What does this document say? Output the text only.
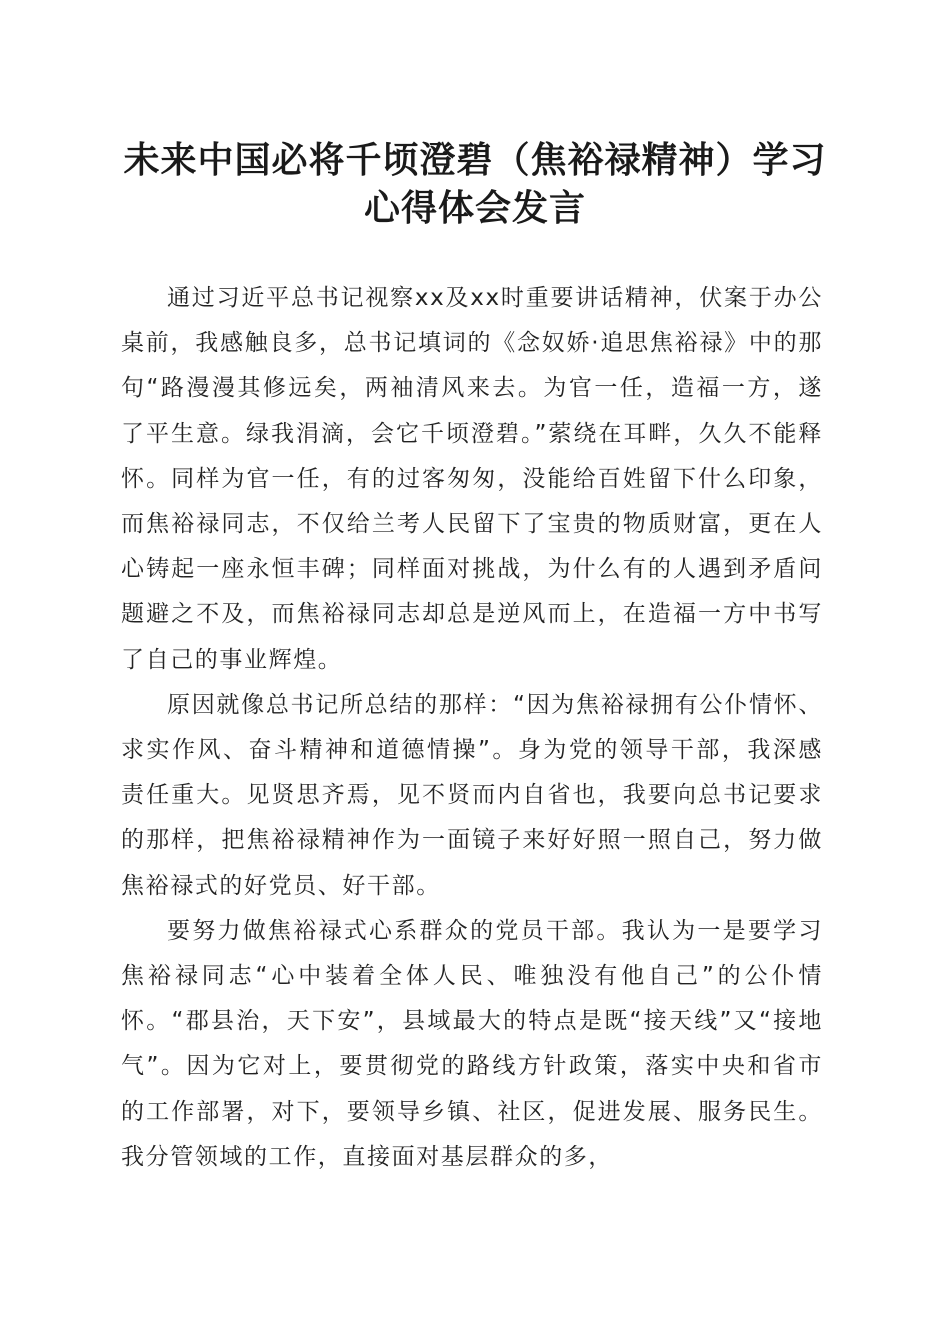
未来中国必将千顷澄碧（焦裕禄精神）学习心得体会发言

通过习近平总书记视察xx及xx时重要讲话精神，伏案于办公桌前，我感触良多，总书记填词的《念奴娇·追思焦裕禄》中的那句“路漫漫其修远矣，两袖清风来去。为官一任，造福一方，遂了平生意。绿我涓滴，会它千顷澄碧。”萦绕在耳畔，久久不能释怀。同样为官一任，有的过客匆匆，没能给百姓留下什么印象，而焦裕禄同志，不仅给兰考人民留下了宝贵的物质财富，更在人心铸起一座永恒丰碑；同样面对挑战，为什么有的人遇到矛盾问题避之不及，而焦裕禄同志却总是逆风而上，在造福一方中书写了自己的事业辉煌。

原因就像总书记所总结的那样：“因为焦裕禄拥有公仆情怀、求实作风、奋斗精神和道德情操”。身为党的领导干部，我深感责任重大。见贤思齐焉，见不贤而内自省也，我要向总书记要求的那样，把焦裕禄精神作为一面镜子来好好照一照自己，努力做焦裕禄式的好党员、好干部。

要努力做焦裕禄式心系群众的党员干部。我认为一是要学习焦裕禄同志“心中装着全体人民、唯独没有他自己”的公仆情怀。“郡县治，天下安”，县域最大的特点是既“接天线”又“接地气”。因为它对上，要贯彻党的路线方针政策，落实中央和省市的工作部署，对下，要领导乡镇、社区，促进发展、服务民生。我分管领域的工作，直接面对基层群众的多，
